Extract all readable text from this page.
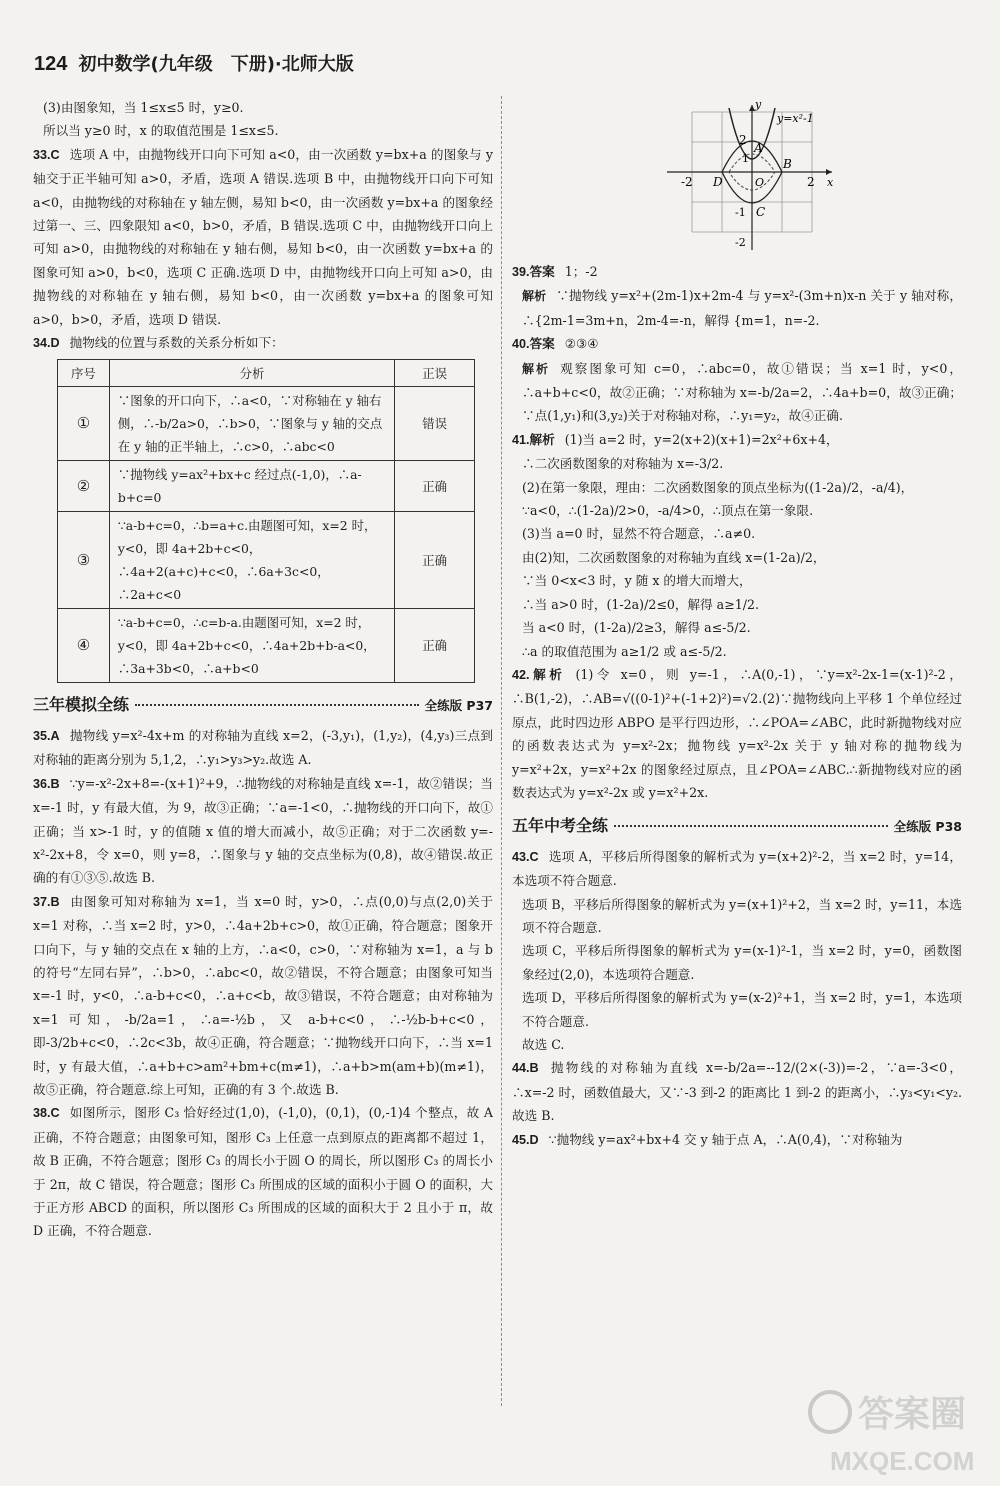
124 初中数学(九年级　下册)·北师大版
(3)由图象知，当 1≤x≤5 时，y≥0.
所以当 y≥0 时，x 的取值范围是 1≤x≤5.
33.C 选项 A 中，由抛物线开口向下可知 a<0，由一次函数 y=bx+a 的图象与 y 轴交于正半轴可知 a>0，矛盾，选项 A 错误.选项 B 中，由抛物线开口向下可知 a<0，由抛物线的对称轴在 y 轴左侧，易知 b<0，由一次函数 y=bx+a 的图象经过第一、三、四象限知 a<0，b>0，矛盾，B 错误.选项 C 中，由抛物线开口向上可知 a>0，由抛物线的对称轴在 y 轴右侧，易知 b<0，由一次函数 y=bx+a 的图象可知 a>0，b<0，选项 C 正确.选项 D 中，由抛物线开口向上可知 a>0，由抛物线的对称轴在 y 轴右侧，易知 b<0，由一次函数 y=bx+a 的图象可知 a>0，b>0，矛盾，选项 D 错误.
34.D 抛物线的位置与系数的关系分析如下：
序号	分析	正误
①	∵图象的开口向下，∴a<0，∵对称轴在 y 轴右侧，∴-b/2a>0，∴b>0，∵图象与 y 轴的交点在 y 轴的正半轴上，∴c>0，∴abc<0	错误
②	∵抛物线 y=ax²+bx+c 经过点(-1,0)，∴a-b+c=0	正确
③	∵a-b+c=0，∴b=a+c.由题图可知，x=2 时，y<0，即 4a+2b+c<0，∴4a+2(a+c)+c<0，∴6a+3c<0，∴2a+c<0	正确
④	∵a-b+c=0，∴c=b-a.由题图可知，x=2 时，y<0，即 4a+2b+c<0，∴4a+2b+b-a<0，∴3a+3b<0，∴a+b<0	正确
三年模拟全练	全练版 P37
35.A 抛物线 y=x²-4x+m 的对称轴为直线 x=2，(-3,y₁)，(1,y₂)，(4,y₃)三点到对称轴的距离分别为 5,1,2，∴y₁>y₃>y₂.故选 A.
36.B ∵y=-x²-2x+8=-(x+1)²+9，∴抛物线的对称轴是直线 x=-1，故②错误；当 x=-1 时，y 有最大值，为 9，故③正确；∵a=-1<0，∴抛物线的开口向下，故①正确；当 x>-1 时，y 的值随 x 值的增大而减小，故⑤正确；对于二次函数 y=-x²-2x+8，令 x=0，则 y=8，∴图象与 y 轴的交点坐标为(0,8)，故④错误.故正确的有①③⑤.故选 B.
37.B 由图象可知对称轴为 x=1，当 x=0 时，y>0，∴点(0,0)与点(2,0)关于 x=1 对称，∴当 x=2 时，y>0，∴4a+2b+c>0，故①正确，符合题意；图象开口向下，与 y 轴的交点在 x 轴的上方，∴a<0，c>0，∵对称轴为 x=1，a 与 b 的符号“左同右异”，∴b>0，∴abc<0，故②错误，不符合题意；由图象可知当 x=-1 时，y<0，∴a-b+c<0，∴a+c<b，故③错误，不符合题意；由对称轴为 x=1 可知，-b/2a=1，∴a=-½b，又 a-b+c<0，∴-½b-b+c<0，即-3/2b+c<0，∴2c<3b，故④正确，符合题意；∵抛物线开口向下，∴当 x=1 时，y 有最大值，∴a+b+c>am²+bm+c(m≠1)，∴a+b>m(am+b)(m≠1)，故⑤正确，符合题意.综上可知，正确的有 3 个.故选 B.
38.C 如图所示，图形 C₃ 恰好经过(1,0)，(-1,0)，(0,1)，(0,-1)4 个整点，故 A 正确，不符合题意；由图象可知，图形 C₃ 上任意一点到原点的距离都不超过 1，故 B 正确，不符合题意；图形 C₃ 的周长小于圆 O 的周长，所以图形 C₃ 的周长小于 2π，故 C 错误，符合题意；图形 C₃ 所围成的区域的面积小于圆 O 的面积，大于正方形 ABCD 的面积，所以图形 C₃ 所围成的区域的面积大于 2 且小于 π，故 D 正确，不符合题意.
y
x
y=x²-1
2
1
-1
-2
-2	2
O
A
B
C
D
39.答案 1；-2
解析 ∵抛物线 y=x²+(2m-1)x+2m-4 与 y=x²-(3m+n)x-n 关于 y 轴对称，∴{2m-1=3m+n，2m-4=-n，解得 {m=1，n=-2.
40.答案 ②③④
解析 观察图象可知 c=0，∴abc=0，故①错误；当 x=1 时，y<0，∴a+b+c<0，故②正确；∵对称轴为 x=-b/2a=2，∴4a+b=0，故③正确；∵点(1,y₁)和(3,y₂)关于对称轴对称，∴y₁=y₂，故④正确.
41.解析 (1)当 a=2 时，y=2(x+2)(x+1)=2x²+6x+4，
∴二次函数图象的对称轴为 x=-3/2.
(2)在第一象限，理由：二次函数图象的顶点坐标为((1-2a)/2，-a/4)，
∵a<0，∴(1-2a)/2>0，-a/4>0，∴顶点在第一象限.
(3)当 a=0 时，显然不符合题意，∴a≠0.
由(2)知，二次函数图象的对称轴为直线 x=(1-2a)/2，
∵当 0<x<3 时，y 随 x 的增大而增大，
∴当 a>0 时，(1-2a)/2≤0，解得 a≥1/2.
当 a<0 时，(1-2a)/2≥3，解得 a≤-5/2.
∴a 的取值范围为 a≥1/2 或 a≤-5/2.
42.解析 (1)令 x=0，则 y=-1，∴A(0,-1)，∵y=x²-2x-1=(x-1)²-2，∴B(1,-2)，∴AB=√((0-1)²+(-1+2)²)=√2.(2)∵抛物线向上平移 1 个单位经过原点，此时四边形 ABPO 是平行四边形，∴∠POA=∠ABC，此时新抛物线对应的函数表达式为 y=x²-2x；抛物线 y=x²-2x 关于 y 轴对称的抛物线为 y=x²+2x，y=x²+2x 的图象经过原点，且∠POA=∠ABC.∴新抛物线对应的函数表达式为 y=x²-2x 或 y=x²+2x.
五年中考全练	全练版 P38
43.C 选项 A，平移后所得图象的解析式为 y=(x+2)²-2，当 x=2 时，y=14，本选项不符合题意.
选项 B，平移后所得图象的解析式为 y=(x+1)²+2，当 x=2 时，y=11，本选项不符合题意.
选项 C，平移后所得图象的解析式为 y=(x-1)²-1，当 x=2 时，y=0，函数图象经过(2,0)，本选项符合题意.
选项 D，平移后所得图象的解析式为 y=(x-2)²+1，当 x=2 时，y=1，本选项不符合题意.
故选 C.
44.B 抛物线的对称轴为直线 x=-b/2a=--12/(2×(-3))=-2，∵a=-3<0，∴x=-2 时，函数值最大，又∵-3 到-2 的距离比 1 到-2 的距离小，∴y₃<y₁<y₂.故选 B.
45.D ∵抛物线 y=ax²+bx+4 交 y 轴于点 A，∴A(0,4)，∵对称轴为
答案圈
MXQE.COM
